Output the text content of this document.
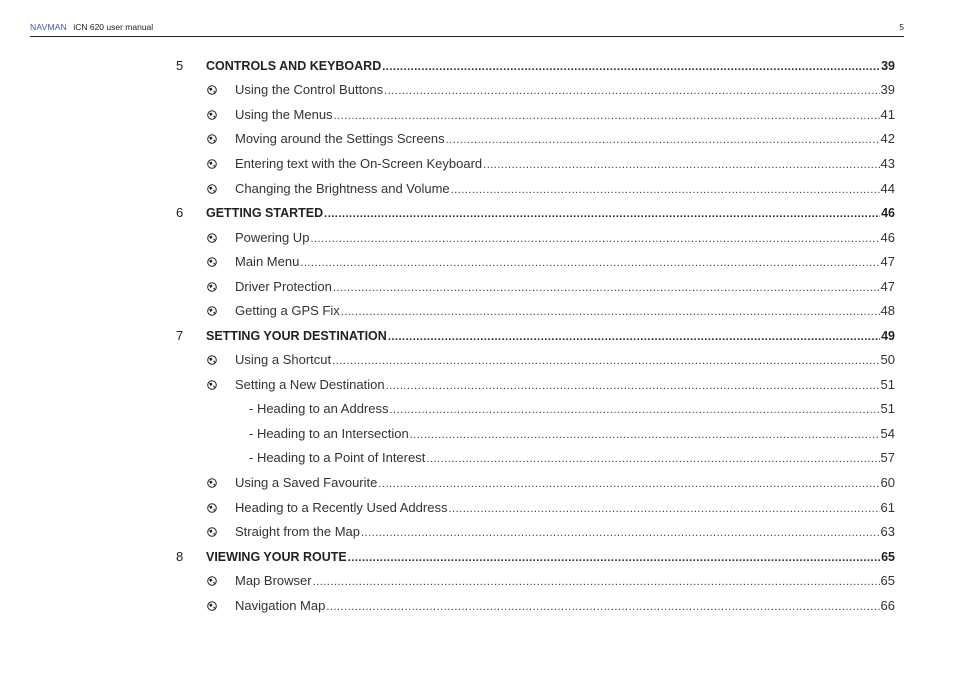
NAVMAN iCN 620 user manual	5
5 CONTROLS AND KEYBOARD .....	39
Using the Control Buttons .....	39
Using the Menus .....	41
Moving around the Settings Screens .....	42
Entering text with the On-Screen Keyboard .....	43
Changing the Brightness and Volume .....	44
6 GETTING STARTED .....	46
Powering Up .....	46
Main Menu .....	47
Driver Protection .....	47
Getting a GPS Fix .....	48
7 SETTING YOUR DESTINATION .....	49
Using a Shortcut .....	50
Setting a New Destination .....	51
- Heading to an Address .....	51
- Heading to an Intersection .....	54
- Heading to a Point of Interest .....	57
Using a Saved Favourite .....	60
Heading to a Recently Used Address .....	61
Straight from the Map .....	63
8 VIEWING YOUR ROUTE .....	65
Map Browser .....	65
Navigation Map .....	66
